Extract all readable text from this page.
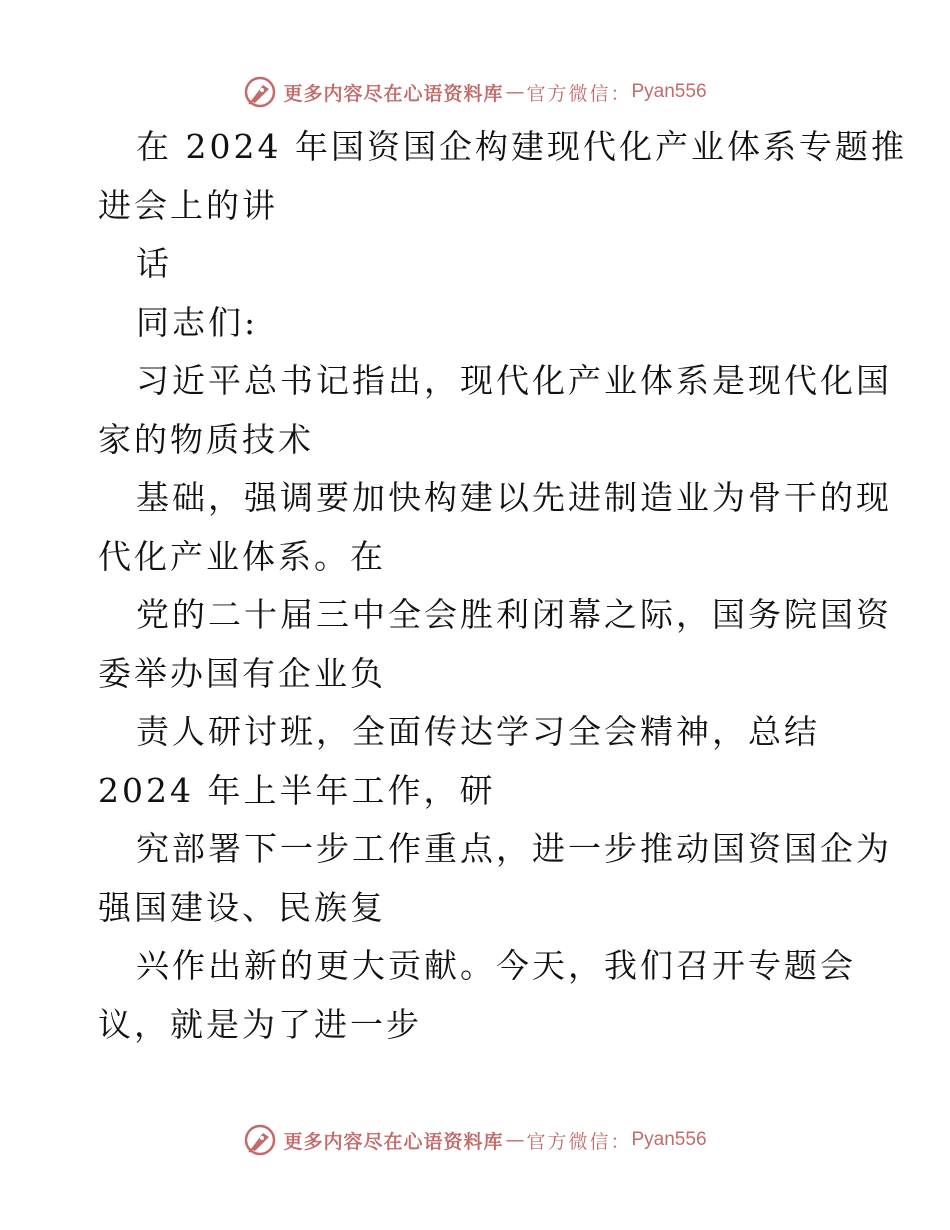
更多内容尽在心语资料库 — 官方微信： Pyan556
在 2024 年国资国企构建现代化产业体系专题推
进会上的讲
话
同志们:
习近平总书记指出，现代化产业体系是现代化国
家的物质技术
基础，强调要加快构建以先进制造业为骨干的现
代化产业体系。在
党的二十届三中全会胜利闭幕之际，国务院国资
委举办国有企业负
责人研讨班，全面传达学习全会精神，总结
2024 年上半年工作，研
究部署下一步工作重点，进一步推动国资国企为
强国建设、民族复
兴作出新的更大贡献。今天，我们召开专题会
议，就是为了进一步
更多内容尽在心语资料库 — 官方微信： Pyan556
